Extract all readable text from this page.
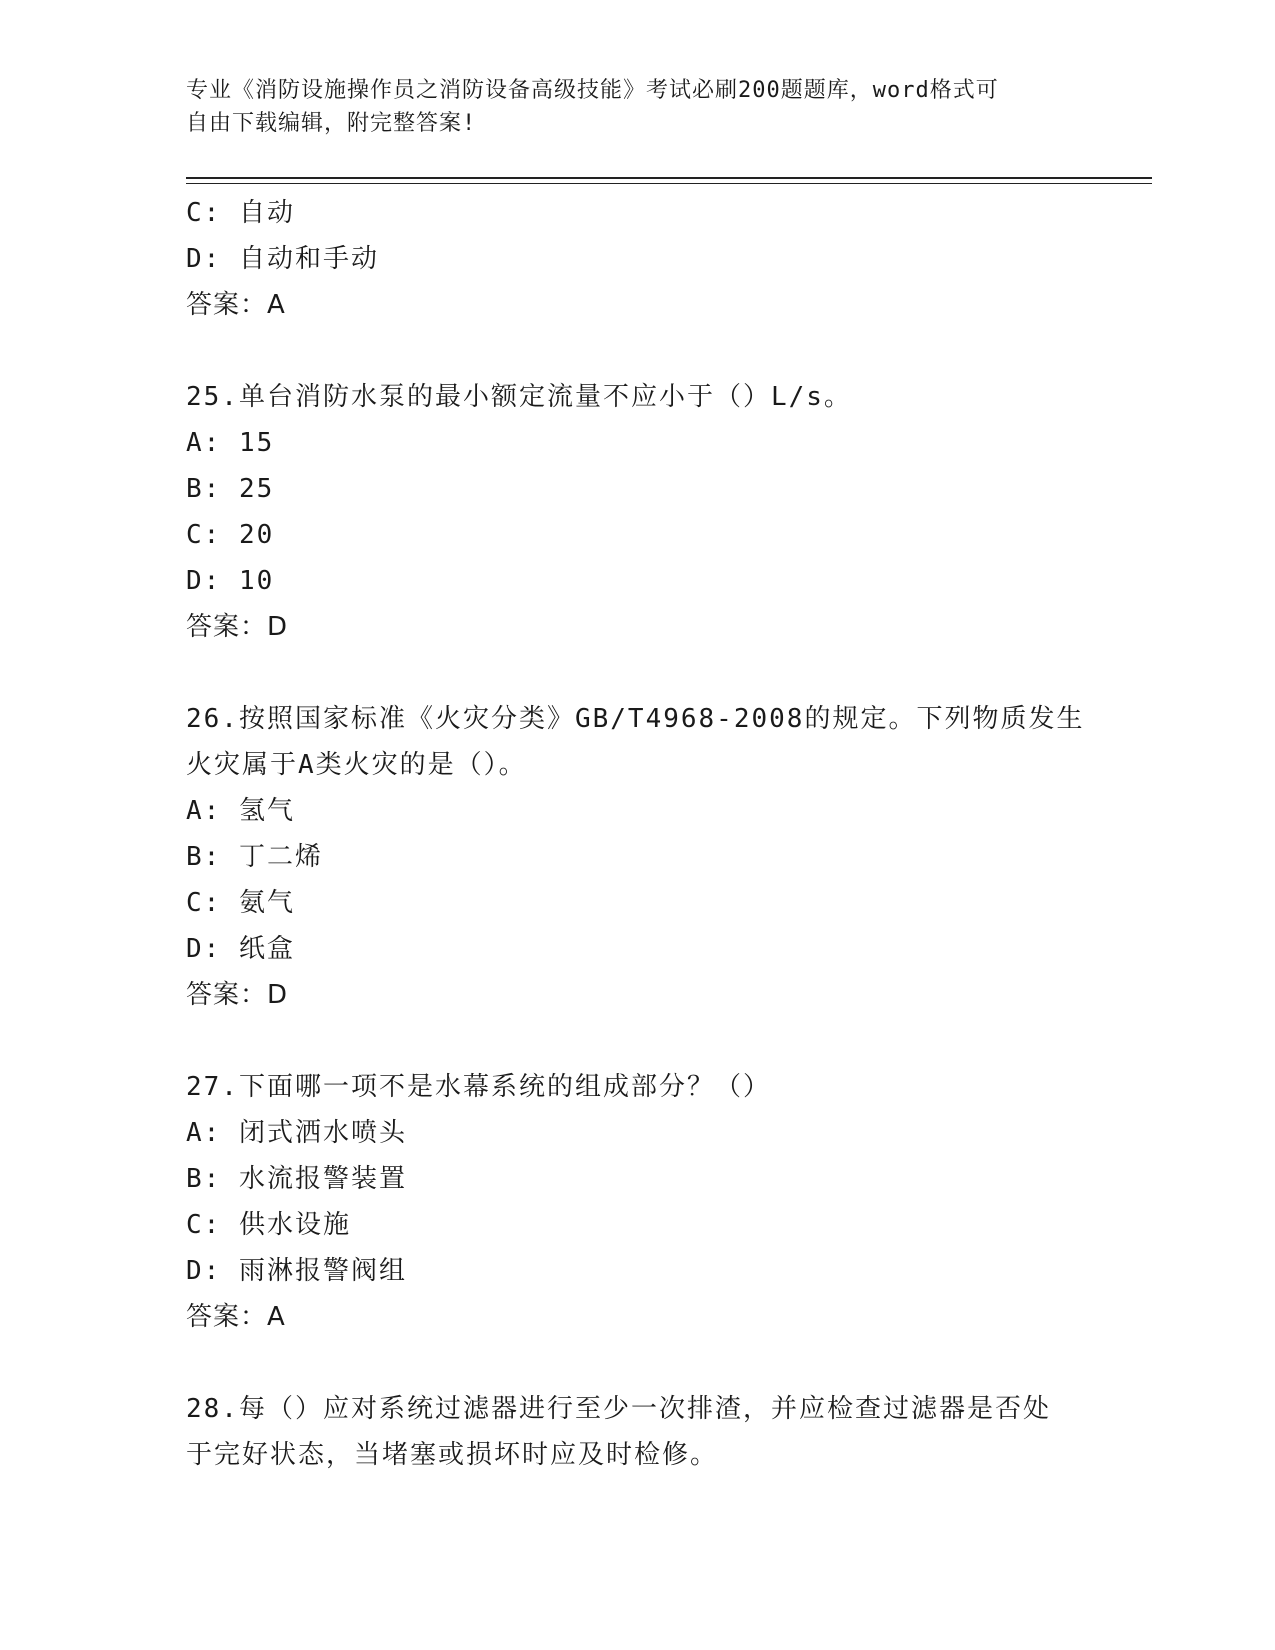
专业《消防设施操作员之消防设备高级技能》考试必刷200题题库，word格式可
自由下载编辑，附完整答案!
C: 自动
D: 自动和手动
答案：A
25.单台消防水泵的最小额定流量不应小于（）L/s。
A: 15
B: 25
C: 20
D: 10
答案：D
26.按照国家标准《火灾分类》GB/T4968-2008的规定。下列物质发生
火灾属于A类火灾的是（）。
A: 氢气
B: 丁二烯
C: 氨气
D: 纸盒
答案：D
27.下面哪一项不是水幕系统的组成部分？（）
A: 闭式洒水喷头
B: 水流报警装置
C: 供水设施
D: 雨淋报警阀组
答案：A
28.每（）应对系统过滤器进行至少一次排渣，并应检查过滤器是否处
于完好状态，当堵塞或损坏时应及时检修。
